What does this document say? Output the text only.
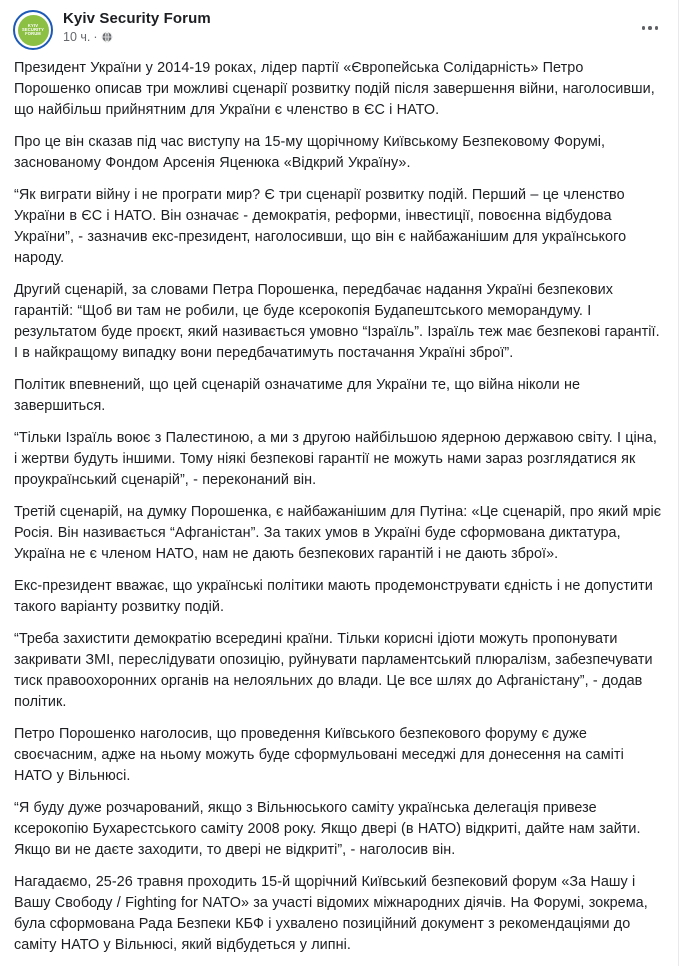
KYIV
SECURITY
FORUM
Kyiv Security Forum
10 ч. ·

Президент України у 2014-19 роках, лідер партії «Європейська Солідарність» Петро Порошенко описав три можливі сценарії розвитку подій після завершення війни, наголосивши, що найбільш прийнятним для України є членство в ЄС і НАТО.

Про це він сказав під час виступу на 15-му щорічному Київському Безпековому Форумі, заснованому Фондом Арсенія Яценюка «Відкрий Україну».

“Як виграти війну і не програти мир? Є три сценарії розвитку подій. Перший – це членство України в ЄС і НАТО. Він означає - демократія, реформи, інвестиції, повоєнна відбудова України”, - зазначив екс-президент, наголосивши, що він є найбажанішим для українського народу.

Другий сценарій, за словами Петра Порошенка, передбачає надання Україні безпекових гарантій: “Щоб ви там не робили, це буде ксерокопія Будапештського меморандуму. І результатом буде проєкт, який називається умовно “Ізраїль”. Ізраїль теж має безпекові гарантії. І в найкращому випадку вони передбачатимуть постачання Україні зброї”.

Політик впевнений, що цей сценарій означатиме для України те, що війна ніколи не завершиться.

“Тільки Ізраїль воює з Палестиною, а ми з другою найбільшою ядерною державою світу. І ціна, і жертви будуть іншими. Тому ніякі безпекові гарантії не можуть нами зараз розглядатися як проукраїнський сценарій”, - переконаний він.

Третій сценарій, на думку Порошенка, є найбажанішим для Путіна: «Це сценарій, про який мріє Росія. Він називається “Афганістан”. За таких умов в Україні буде сформована диктатура, Україна не є членом НАТО, нам не дають безпекових гарантій і не дають зброї».

Екс-президент вважає, що українські політики мають продемонструвати єдність і не допустити такого варіанту розвитку подій.

“Треба захистити демократію всередині країни. Тільки корисні ідіоти можуть пропонувати закривати ЗМІ, переслідувати опозицію, руйнувати парламентський плюралізм, забезпечувати тиск правоохоронних органів на нелояльних до влади. Це все шлях до Афганістану”, - додав політик.

Петро Порошенко наголосив, що проведення Київського безпекового форуму є дуже своєчасним, адже на ньому можуть буде сформульовані меседжі для донесення на саміті НАТО у Вільнюсі.

“Я буду дуже розчарований, якщо з Вільнюського саміту українська делегація привезе ксерокопію Бухарестського саміту 2008 року. Якщо двері (в НАТО) відкриті, дайте нам зайти. Якщо ви не даєте заходити, то двері не відкриті”, - наголосив він.

Нагадаємо, 25-26 травня проходить 15-й щорічний Київський безпековий форум «За Нашу і Вашу Свободу / Fighting for NATO» за участі відомих міжнародних діячів. На Форумі, зокрема, була сформована Рада Безпеки КБФ і ухвалено позиційний документ з рекомендаціями до саміту НАТО у Вільнюсі, який відбудеться у липні.
